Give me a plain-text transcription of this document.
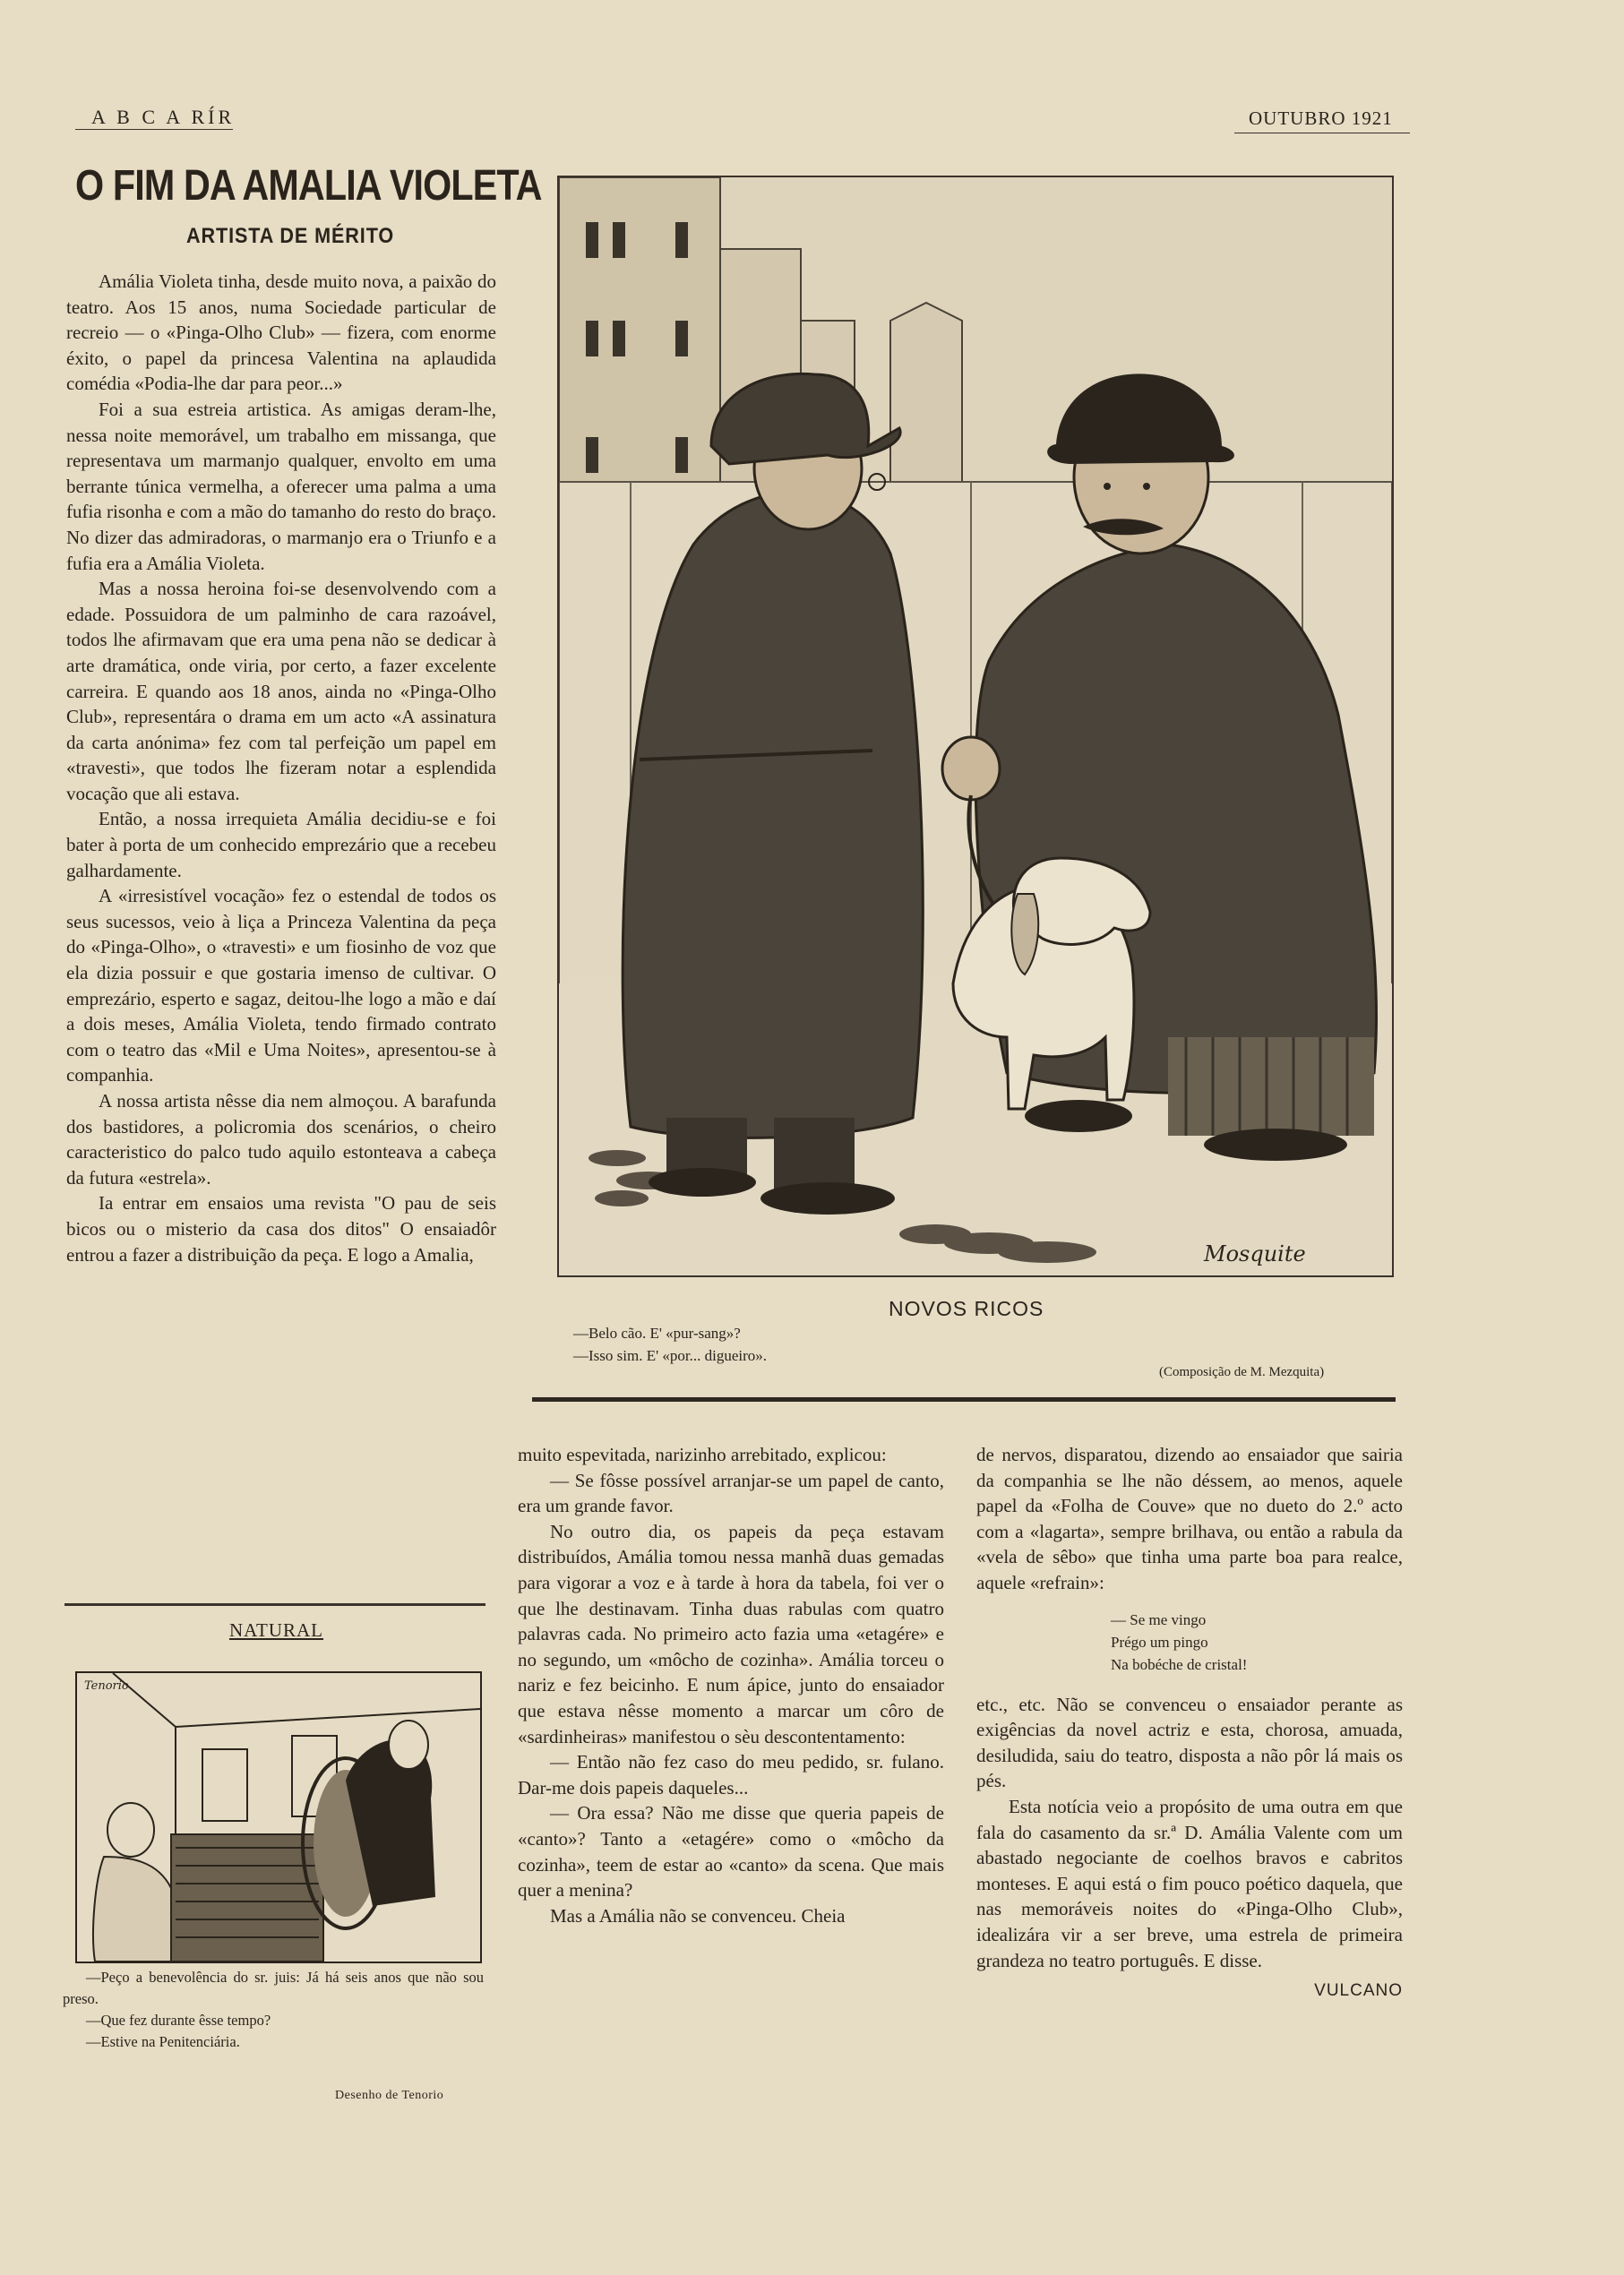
A B C A RÍR	OUTUBRO 1921
O FIM DA AMALIA VIOLETA
ARTISTA DE MÉRITO

Amália Violeta tinha, desde muito nova, a paixão do teatro. Aos 15 anos, numa Sociedade particular de recreio — o «Pinga-Olho Club» — fizera, com enorme éxito, o papel da princesa Valentina na aplaudida comédia «Podia-lhe dar para peor...»

Foi a sua estreia artistica. As amigas deram-lhe, nessa noite memorável, um trabalho em missanga, que representava um marmanjo qualquer, envolto em uma berrante túnica vermelha, a oferecer uma palma a uma fufia risonha e com a mão do tamanho do resto do braço. No dizer das admiradoras, o marmanjo era o Triunfo e a fufia era a Amália Violeta.

Mas a nossa heroina foi-se desenvolvendo com a edade. Possuidora de um palminho de cara razoável, todos lhe afirmavam que era uma pena não se dedicar à arte dramática, onde viria, por certo, a fazer excelente carreira. E quando aos 18 anos, ainda no «Pinga-Olho Club», representára o drama em um acto «A assinatura da carta anónima» fez com tal perfeição um papel em «travesti», que todos lhe fizeram notar a esplendida vocação que ali estava.

Então, a nossa irrequieta Amália decidiu-se e foi bater à porta de um conhecido emprezário que a recebeu galhardamente.

A «irresistível vocação» fez o estendal de todos os seus sucessos, veio à liça a Princeza Valentina da peça do «Pinga-Olho», o «travesti» e um fiosinho de voz que ela dizia possuir e que gostaria imenso de cultivar. O emprezário, esperto e sagaz, deitou-lhe logo a mão e daí a dois meses, Amália Violeta, tendo firmado contrato com o teatro das «Mil e Uma Noites», apresentou-se à companhia.

A nossa artista nêsse dia nem almoçou. A barafunda dos bastidores, a policromia dos scenários, o cheiro caracteristico do palco tudo aquilo estonteava a cabeça da futura «estrela».

Ia entrar em ensaios uma revista "O pau de seis bicos ou o misterio da casa dos ditos" O ensaiadôr entrou a fazer a distribuição da peça. E logo a Amalia,	Mosquite
NOVOS RICOS
—Belo cão. E' «pur-sang»?
—Isso sim. E' «por... digueiro».
(Composição de M. Mezquita)

muito espevitada, narizinho arrebitado, explicou:

— Se fôsse possível arranjar-se um papel de canto, era um grande favor.

No outro dia, os papeis da peça estavam distribuídos, Amália tomou nessa manhã duas gemadas para vigorar a voz e à tarde à hora da tabela, foi ver o que lhe destinavam. Tinha duas rabulas com quatro palavras cada. No primeiro acto fazia uma «etagére» e no segundo, um «môcho de cozinha». Amália torceu o nariz e fez beicinho. E num ápice, junto do ensaiador que estava nêsse momento a marcar um côro de «sardinheiras» manifestou o sèu descontentamento:

— Então não fez caso do meu pedido, sr. fulano. Dar-me dois papeis daqueles...

— Ora essa? Não me disse que queria papeis de «canto»? Tanto a «etagére» como o «môcho da cozinha», teem de estar ao «canto» da scena. Que mais quer a menina?

Mas a Amália não se convenceu. Cheia

de nervos, disparatou, dizendo ao ensaiador que sairia da companhia se lhe não déssem, ao menos, aquele papel da «Folha de Couve» que no dueto do 2.º acto com a «lagarta», sempre brilhava, ou então a rabula da «vela de sêbo» que tinha uma parte boa para realce, aquele «refrain»:

— Se me vingo
Prégo um pingo
Na bobéche de cristal!

etc., etc. Não se convenceu o ensaiador perante as exigências da novel actriz e esta, chorosa, amuada, desiludida, saiu do teatro, disposta a não pôr lá mais os pés.

Esta notícia veio a propósito de uma outra em que fala do casamento da sr.ª D. Amália Valente com um abastado negociante de coelhos bravos e cabritos monteses. E aqui está o fim pouco poético daquela, que nas memoráveis noites do «Pinga-Olho Club», idealizára vir a ser breve, uma estrela de primeira grandeza no teatro português. E disse.

VULCANO
NATURAL
Tenorio
—Peço a benevolência do sr. juis: Já há seis anos que não sou preso.
—Que fez durante êsse tempo?
—Estive na Penitenciária.
Desenho de Tenorio
